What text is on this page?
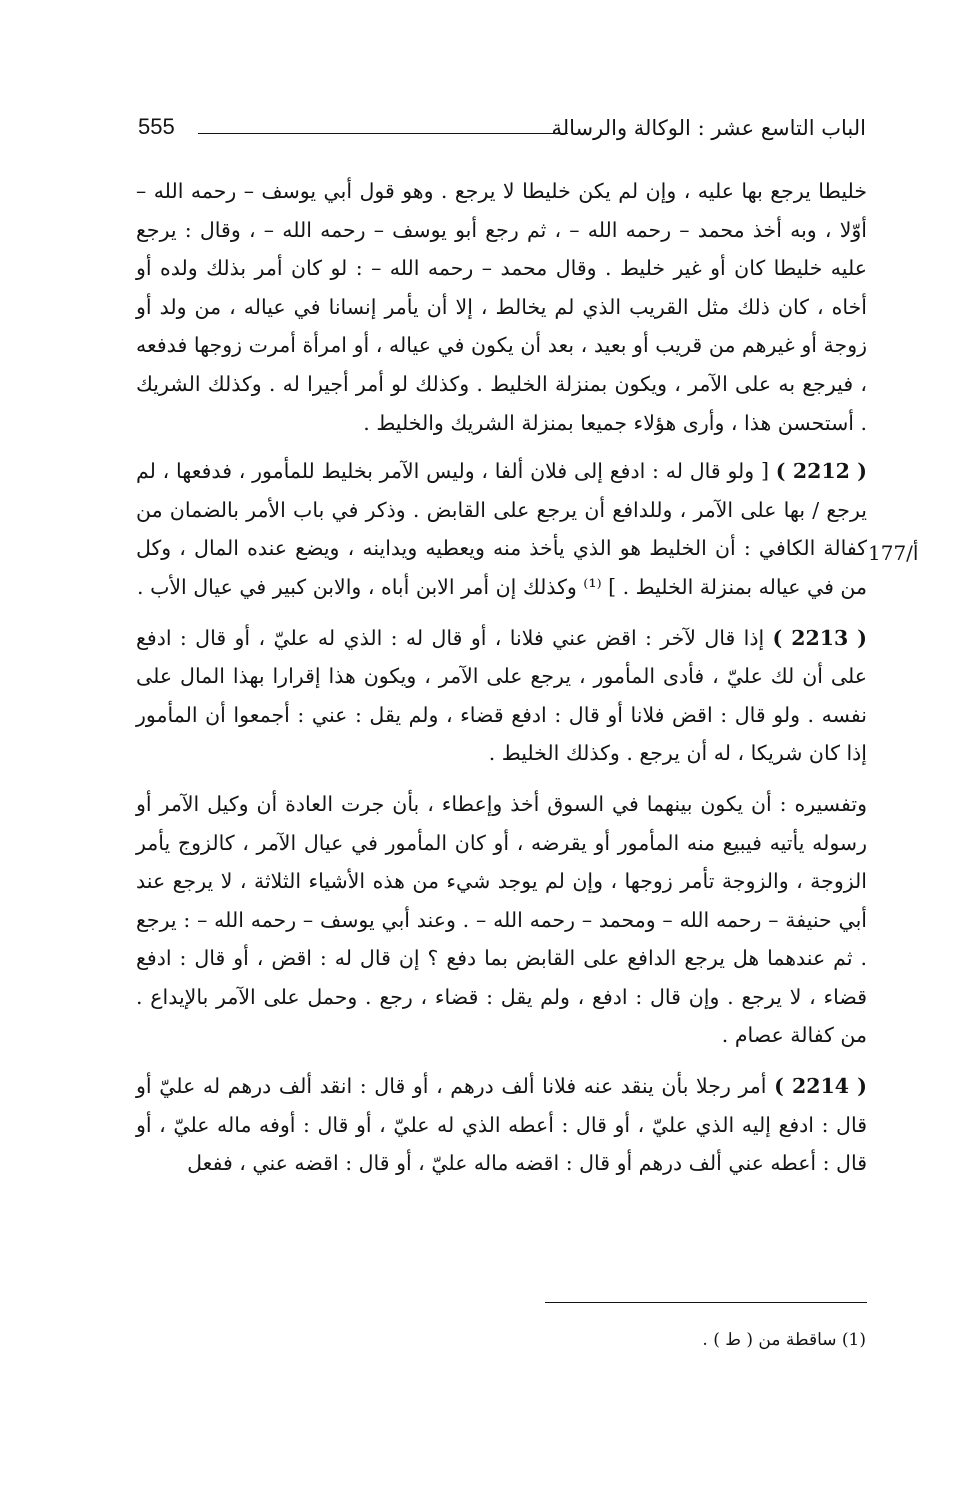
الباب التاسع عشر : الوكالة والرسالة
555
177/أ

خليطا يرجع بها عليه ، وإن لم يكن خليطا لا يرجع . وهو قول أبي يوسف – رحمه الله – أوّلا ، وبه أخذ محمد – رحمه الله – ، ثم رجع أبو يوسف – رحمه الله – ، وقال : يرجع عليه خليطا كان أو غير خليط . وقال محمد – رحمه الله – : لو كان أمر بذلك ولده أو أخاه ، كان ذلك مثل القريب الذي لم يخالط ، إلا أن يأمر إنسانا في عياله ، من ولد أو زوجة أو غيرهم من قريب أو بعيد ، بعد أن يكون في عياله ، أو امرأة أمرت زوجها فدفعه ، فيرجع به على الآمر ، ويكون بمنزلة الخليط . وكذلك لو أمر أجيرا له . وكذلك الشريك . أستحسن هذا ، وأرى هؤلاء جميعا بمنزلة الشريك والخليط .

( 2212 ) [ ولو قال له : ادفع إلى فلان ألفا ، وليس الآمر بخليط للمأمور ، فدفعها ، لم يرجع / بها على الآمر ، وللدافع أن يرجع على القابض . وذكر في باب الأمر بالضمان من كفالة الكافي : أن الخليط هو الذي يأخذ منه ويعطيه ويداينه ، ويضع عنده المال ، وكل من في عياله بمنزلة الخليط . ] ⁽¹⁾ وكذلك إن أمر الابن أباه ، والابن كبير في عيال الأب .

( 2213 ) إذا قال لآخر : اقض عني فلانا ، أو قال له : الذي له عليّ ، أو قال : ادفع على أن لك عليّ ، فأدى المأمور ، يرجع على الآمر ، ويكون هذا إقرارا بهذا المال على نفسه . ولو قال : اقض فلانا أو قال : ادفع قضاء ، ولم يقل : عني : أجمعوا أن المأمور إذا كان شريكا ، له أن يرجع . وكذلك الخليط .

وتفسيره : أن يكون بينهما في السوق أخذ وإعطاء ، بأن جرت العادة أن وكيل الآمر أو رسوله يأتيه فيبيع منه المأمور أو يقرضه ، أو كان المأمور في عيال الآمر ، كالزوج يأمر الزوجة ، والزوجة تأمر زوجها ، وإن لم يوجد شيء من هذه الأشياء الثلاثة ، لا يرجع عند أبي حنيفة – رحمه الله – ومحمد – رحمه الله – . وعند أبي يوسف – رحمه الله – : يرجع . ثم عندهما هل يرجع الدافع على القابض بما دفع ؟ إن قال له : اقض ، أو قال : ادفع قضاء ، لا يرجع . وإن قال : ادفع ، ولم يقل : قضاء ، رجع . وحمل على الآمر بالإيداع . من كفالة عصام .

( 2214 ) أمر رجلا بأن ينقد عنه فلانا ألف درهم ، أو قال : انقد ألف درهم له عليّ أو قال : ادفع إليه الذي عليّ ، أو قال : أعطه الذي له عليّ ، أو قال : أوفه ماله عليّ ، أو قال : أعطه عني ألف درهم أو قال : اقضه ماله عليّ ، أو قال : اقضه عني ، ففعل

(1) ساقطة من ( ط ) .
